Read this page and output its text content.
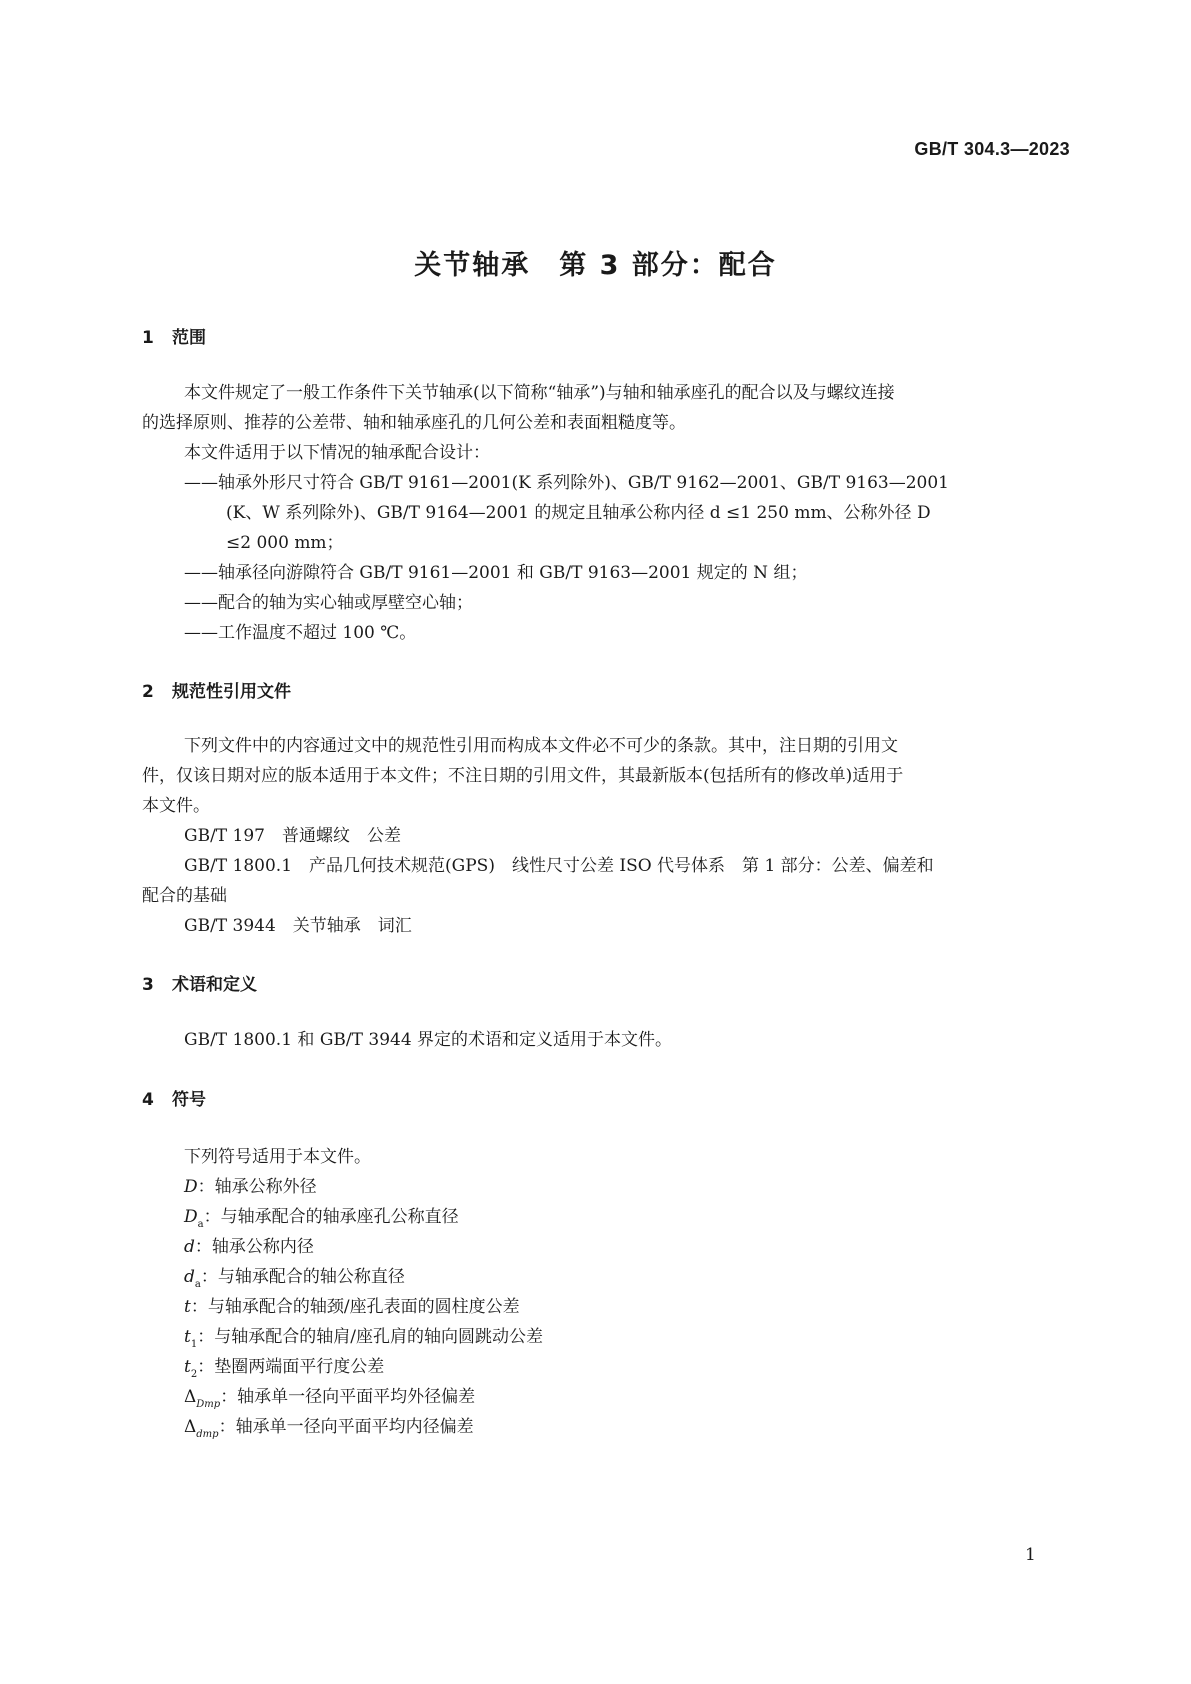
GB/T 304.3—2023
关节轴承　第 3 部分：配合
1 范围
本文件规定了一般工作条件下关节轴承(以下简称“轴承”)与轴和轴承座孔的配合以及与螺纹连接
的选择原则、推荐的公差带、轴和轴承座孔的几何公差和表面粗糙度等。
本文件适用于以下情况的轴承配合设计：
——轴承外形尺寸符合 GB/T 9161—2001(K 系列除外)、GB/T 9162—2001、GB/T 9163—2001
(K、W 系列除外)、GB/T 9164—2001 的规定且轴承公称内径 d ≤1 250 mm、公称外径 D
≤2 000 mm；
——轴承径向游隙符合 GB/T 9161—2001 和 GB/T 9163—2001 规定的 N 组；
——配合的轴为实心轴或厚壁空心轴；
——工作温度不超过 100 ℃。
2 规范性引用文件
下列文件中的内容通过文中的规范性引用而构成本文件必不可少的条款。其中，注日期的引用文
件，仅该日期对应的版本适用于本文件；不注日期的引用文件，其最新版本(包括所有的修改单)适用于
本文件。
GB/T 197　普通螺纹　公差
GB/T 1800.1　产品几何技术规范(GPS)　线性尺寸公差 ISO 代号体系　第 1 部分：公差、偏差和
配合的基础
GB/T 3944　关节轴承　词汇
3 术语和定义
GB/T 1800.1 和 GB/T 3944 界定的术语和定义适用于本文件。
4 符号
下列符号适用于本文件。
D：轴承公称外径
$D_a$：与轴承配合的轴承座孔公称直径
d：轴承公称内径
$d_a$：与轴承配合的轴公称直径
t：与轴承配合的轴颈/座孔表面的圆柱度公差
$t_1$：与轴承配合的轴肩/座孔肩的轴向圆跳动公差
$t_2$：垫圈两端面平行度公差
$\Delta_{Dmp}$：轴承单一径向平面平均外径偏差
$\Delta_{dmp}$：轴承单一径向平面平均内径偏差
1
